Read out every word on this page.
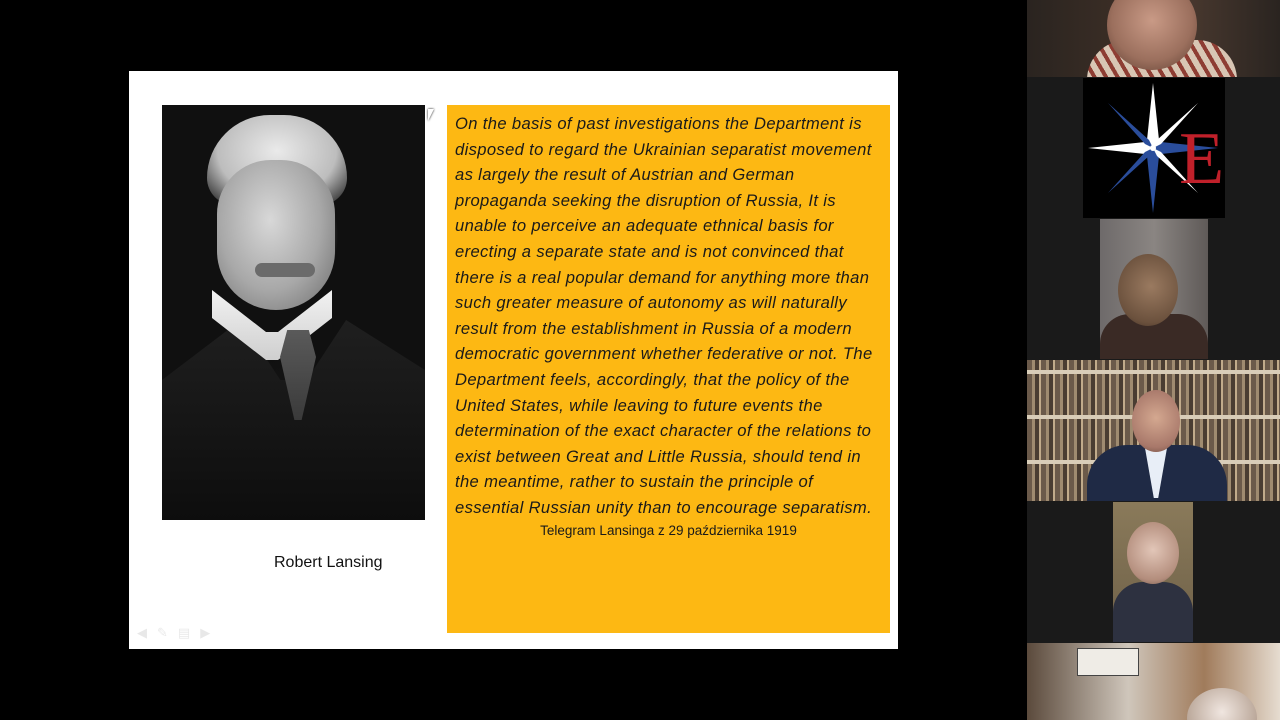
Robert Lansing

On the basis of past investigations the Department is disposed to regard the Ukrainian separatist movement as largely the result of Austrian and German propaganda seeking the disruption of Russia, It is unable to perceive an adequate ethnical basis for erecting a separate state and is not convinced that there is a real popular demand for anything more than such greater measure of autonomy as will naturally result from the establishment in Russia of a modern democratic government whether federative or not. The Department feels, accordingly, that the policy of the United States, while leaving to future events the determination of the exact character of the relations to exist between Great and Little Russia, should tend in the meantime, rather to sustain the principle of essential Russian unity than to encourage separatism.

Telegram Lansinga z 29 października 1919
◀ ✎ ▤ ▶
E
